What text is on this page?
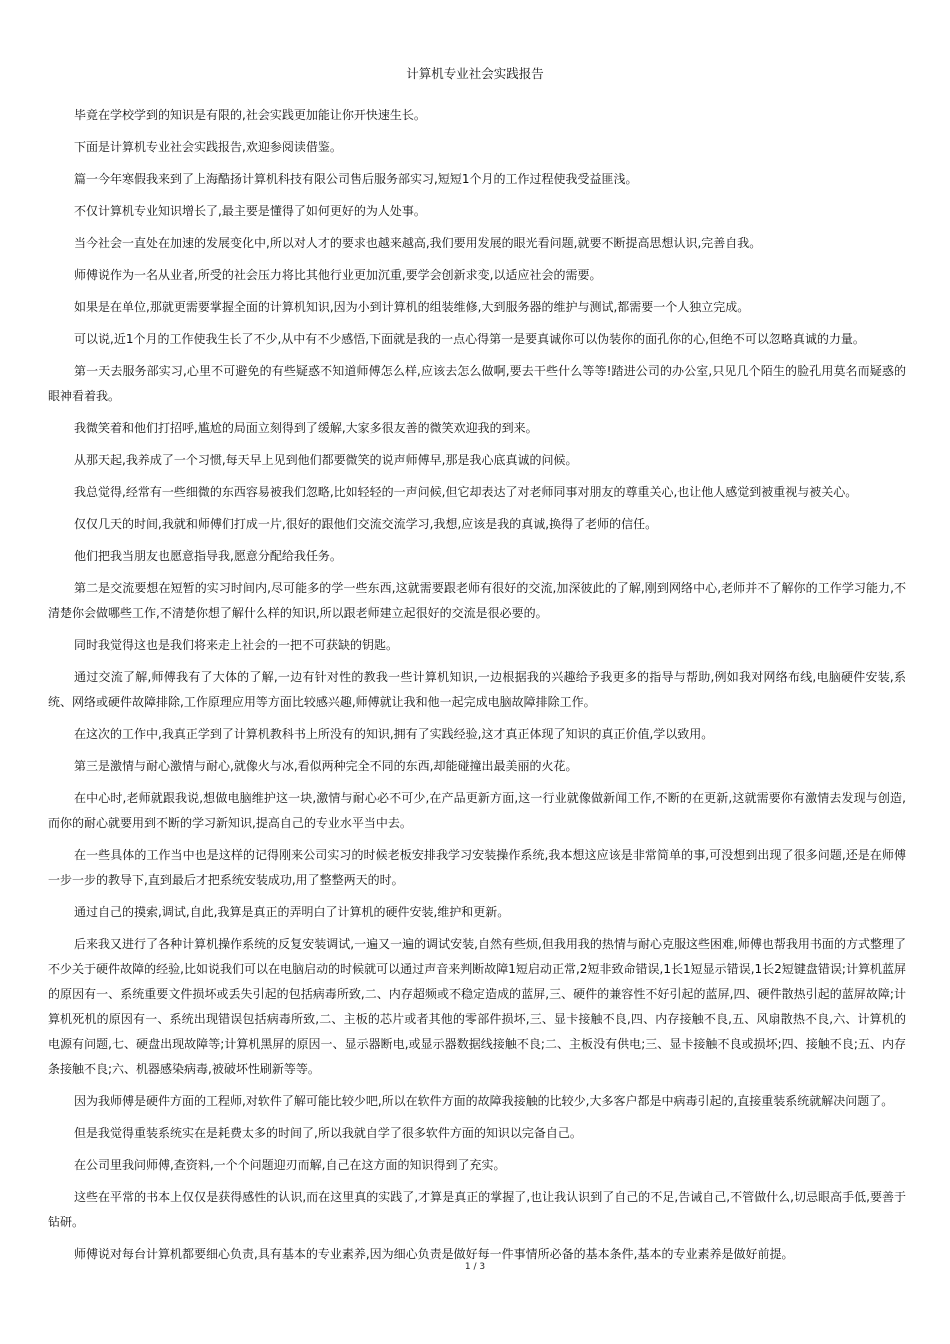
计算机专业社会实践报告

毕竟在学校学到的知识是有限的,社会实践更加能让你开快速生长。

下面是计算机专业社会实践报告,欢迎参阅读借鉴。

篇一今年寒假我来到了上海酷扬计算机科技有限公司售后服务部实习,短短1个月的工作过程使我受益匪浅。

不仅计算机专业知识增长了,最主要是懂得了如何更好的为人处事。

当今社会一直处在加速的发展变化中,所以对人才的要求也越来越高,我们要用发展的眼光看问题,就要不断提高思想认识,完善自我。

师傅说作为一名从业者,所受的社会压力将比其他行业更加沉重,要学会创新求变,以适应社会的需要。

如果是在单位,那就更需要掌握全面的计算机知识,因为小到计算机的组装维修,大到服务器的维护与测试,都需要一个人独立完成。

可以说,近1个月的工作使我生长了不少,从中有不少感悟,下面就是我的一点心得第一是要真诚你可以伪装你的面孔你的心,但绝不可以忽略真诚的力量。

第一天去服务部实习,心里不可避免的有些疑惑不知道师傅怎么样,应该去怎么做啊,要去干些什么等等!踏进公司的办公室,只见几个陌生的脸孔用莫名而疑惑的眼神看着我。

我微笑着和他们打招呼,尴尬的局面立刻得到了缓解,大家多很友善的微笑欢迎我的到来。

从那天起,我养成了一个习惯,每天早上见到他们都要微笑的说声师傅早,那是我心底真诚的问候。

我总觉得,经常有一些细微的东西容易被我们忽略,比如轻轻的一声问候,但它却表达了对老师同事对朋友的尊重关心,也让他人感觉到被重视与被关心。

仅仅几天的时间,我就和师傅们打成一片,很好的跟他们交流交流学习,我想,应该是我的真诚,换得了老师的信任。

他们把我当朋友也愿意指导我,愿意分配给我任务。

第二是交流要想在短暂的实习时间内,尽可能多的学一些东西,这就需要跟老师有很好的交流,加深彼此的了解,刚到网络中心,老师并不了解你的工作学习能力,不清楚你会做哪些工作,不清楚你想了解什么样的知识,所以跟老师建立起很好的交流是很必要的。

同时我觉得这也是我们将来走上社会的一把不可获缺的钥匙。

通过交流了解,师傅我有了大体的了解,一边有针对性的教我一些计算机知识,一边根据我的兴趣给予我更多的指导与帮助,例如我对网络布线,电脑硬件安装,系统、网络或硬件故障排除,工作原理应用等方面比较感兴趣,师傅就让我和他一起完成电脑故障排除工作。

在这次的工作中,我真正学到了计算机教科书上所没有的知识,拥有了实践经验,这才真正体现了知识的真正价值,学以致用。

第三是激情与耐心激情与耐心,就像火与冰,看似两种完全不同的东西,却能碰撞出最美丽的火花。

在中心时,老师就跟我说,想做电脑维护这一块,激情与耐心必不可少,在产品更新方面,这一行业就像做新闻工作,不断的在更新,这就需要你有激情去发现与创造,而你的耐心就要用到不断的学习新知识,提高自己的专业水平当中去。

在一些具体的工作当中也是这样的记得刚来公司实习的时候老板安排我学习安装操作系统,我本想这应该是非常简单的事,可没想到出现了很多问题,还是在师傅一步一步的教导下,直到最后才把系统安装成功,用了整整两天的时。

通过自己的摸索,调试,自此,我算是真正的弄明白了计算机的硬件安装,维护和更新。

后来我又进行了各种计算机操作系统的反复安装调试,一遍又一遍的调试安装,自然有些烦,但我用我的热情与耐心克服这些困难,师傅也帮我用书面的方式整理了不少关于硬件故障的经验,比如说我们可以在电脑启动的时候就可以通过声音来判断故障1短启动正常,2短非致命错误,1长1短显示错误,1长2短键盘错误;计算机蓝屏的原因有一、系统重要文件损坏或丢失引起的包括病毒所致,二、内存超频或不稳定造成的蓝屏,三、硬件的兼容性不好引起的蓝屏,四、硬件散热引起的蓝屏故障;计算机死机的原因有一、系统出现错误包括病毒所致,二、主板的芯片或者其他的零部件损坏,三、显卡接触不良,四、内存接触不良,五、风扇散热不良,六、计算机的电源有问题,七、硬盘出现故障等;计算机黑屏的原因一、显示器断电,或显示器数据线接触不良;二、主板没有供电;三、显卡接触不良或损坏;四、接触不良;五、内存条接触不良;六、机器感染病毒,被破坏性刷新等等。

因为我师傅是硬件方面的工程师,对软件了解可能比较少吧,所以在软件方面的故障我接触的比较少,大多客户都是中病毒引起的,直接重装系统就解决问题了。

但是我觉得重装系统实在是耗费太多的时间了,所以我就自学了很多软件方面的知识以完备自己。

在公司里我问师傅,查资料,一个个问题迎刃而解,自己在这方面的知识得到了充实。

这些在平常的书本上仅仅是获得感性的认识,而在这里真的实践了,才算是真正的掌握了,也让我认识到了自己的不足,告诫自己,不管做什么,切忌眼高手低,要善于钻研。

师傅说对每台计算机都要细心负责,具有基本的专业素养,因为细心负责是做好每一件事情所必备的基本条件,基本的专业素养是做好前提。

1 / 3
